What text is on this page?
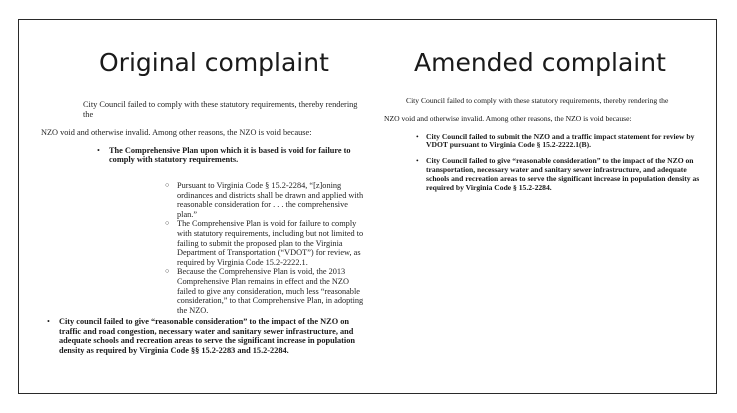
Original complaint	Amended complaint

City Council failed to comply with these statutory requirements, thereby rendering the

NZO void and otherwise invalid. Among other reasons, the NZO is void because:

• The Comprehensive Plan upon which it is based is void for failure to comply with statutory requirements.
○ Pursuant to Virginia Code § 15.2-2284, “[z]oning ordinances and districts shall be drawn and applied with reasonable consideration for . . . the comprehensive plan.”
○ The Comprehensive Plan is void for failure to comply with statutory requirements, including but not limited to failing to submit the proposed plan to the Virginia Department of Transportation (“VDOT”) for review, as required by Virginia Code 15.2-2222.1.
○ Because the Comprehensive Plan is void, the 2013 Comprehensive Plan remains in effect and the NZO failed to give any consideration, much less “reasonable consideration,” to that Comprehensive Plan, in adopting the NZO.
• City council failed to give “reasonable consideration” to the impact of the NZO on traffic and road congestion, necessary water and sanitary sewer infrastructure, and adequate schools and recreation areas to serve the significant increase in population density as required by Virginia Code §§ 15.2-2283 and 15.2-2284.

City Council failed to comply with these statutory requirements, thereby rendering the

NZO void and otherwise invalid. Among other reasons, the NZO is void because:

• City Council failed to submit the NZO and a traffic impact statement for review by VDOT pursuant to Virginia Code § 15.2-2222.1(B).
• City Council failed to give “reasonable consideration” to the impact of the NZO on transportation, necessary water and sanitary sewer infrastructure, and adequate schools and recreation areas to serve the significant increase in population density as required by Virginia Code § 15.2-2284.
